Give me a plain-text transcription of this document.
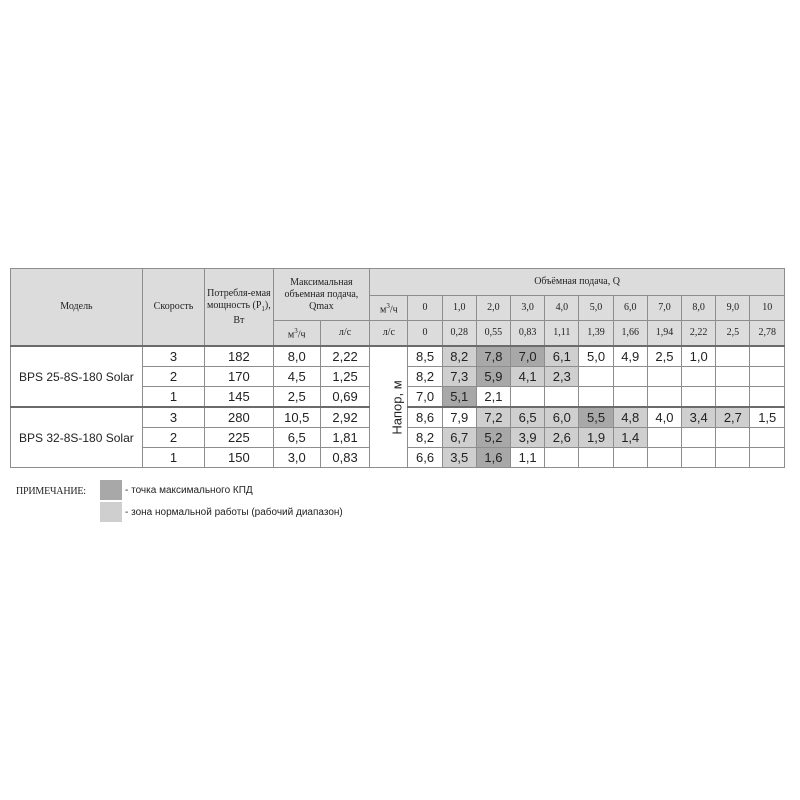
Модель	Скорость	Потребля-емая мощность $(P_1)$, Вт	Максимальная объемная подача, Qmax		Объёмная подача, Q											
					$м^3/ч$	0	1,0	2,0	3,0	4,0	5,0	6,0	7,0	8,0	9,0	10
			$м^3/ч$	л/с	л/с	0	0,28	0,55	0,83	1,11	1,39	1,66	1,94	2,22	2,5	2,78
BPS 25-8S-180 Solar	3	182	8,0	2,22	Напор, м	8,5	8,2	7,8	7,0	6,1	5,0	4,9	2,5	1,0		
	2	170	4,5	1,25		8,2	7,3	5,9	4,1	2,3						
	1	145	2,5	0,69		7,0	5,1	2,1								
BPS 32-8S-180 Solar	3	280	10,5	2,92		8,6	7,9	7,2	6,5	6,0	5,5	4,8	4,0	3,4	2,7	1,5
	2	225	6,5	1,81		8,2	6,7	5,2	3,9	2,6	1,9	1,4				
	1	150	3,0	0,83		6,6	3,5	1,6	1,1							
ПРИМЕЧАНИЕ:	- точка максимального КПД
- зона нормальной работы (рабочий диапазон)
